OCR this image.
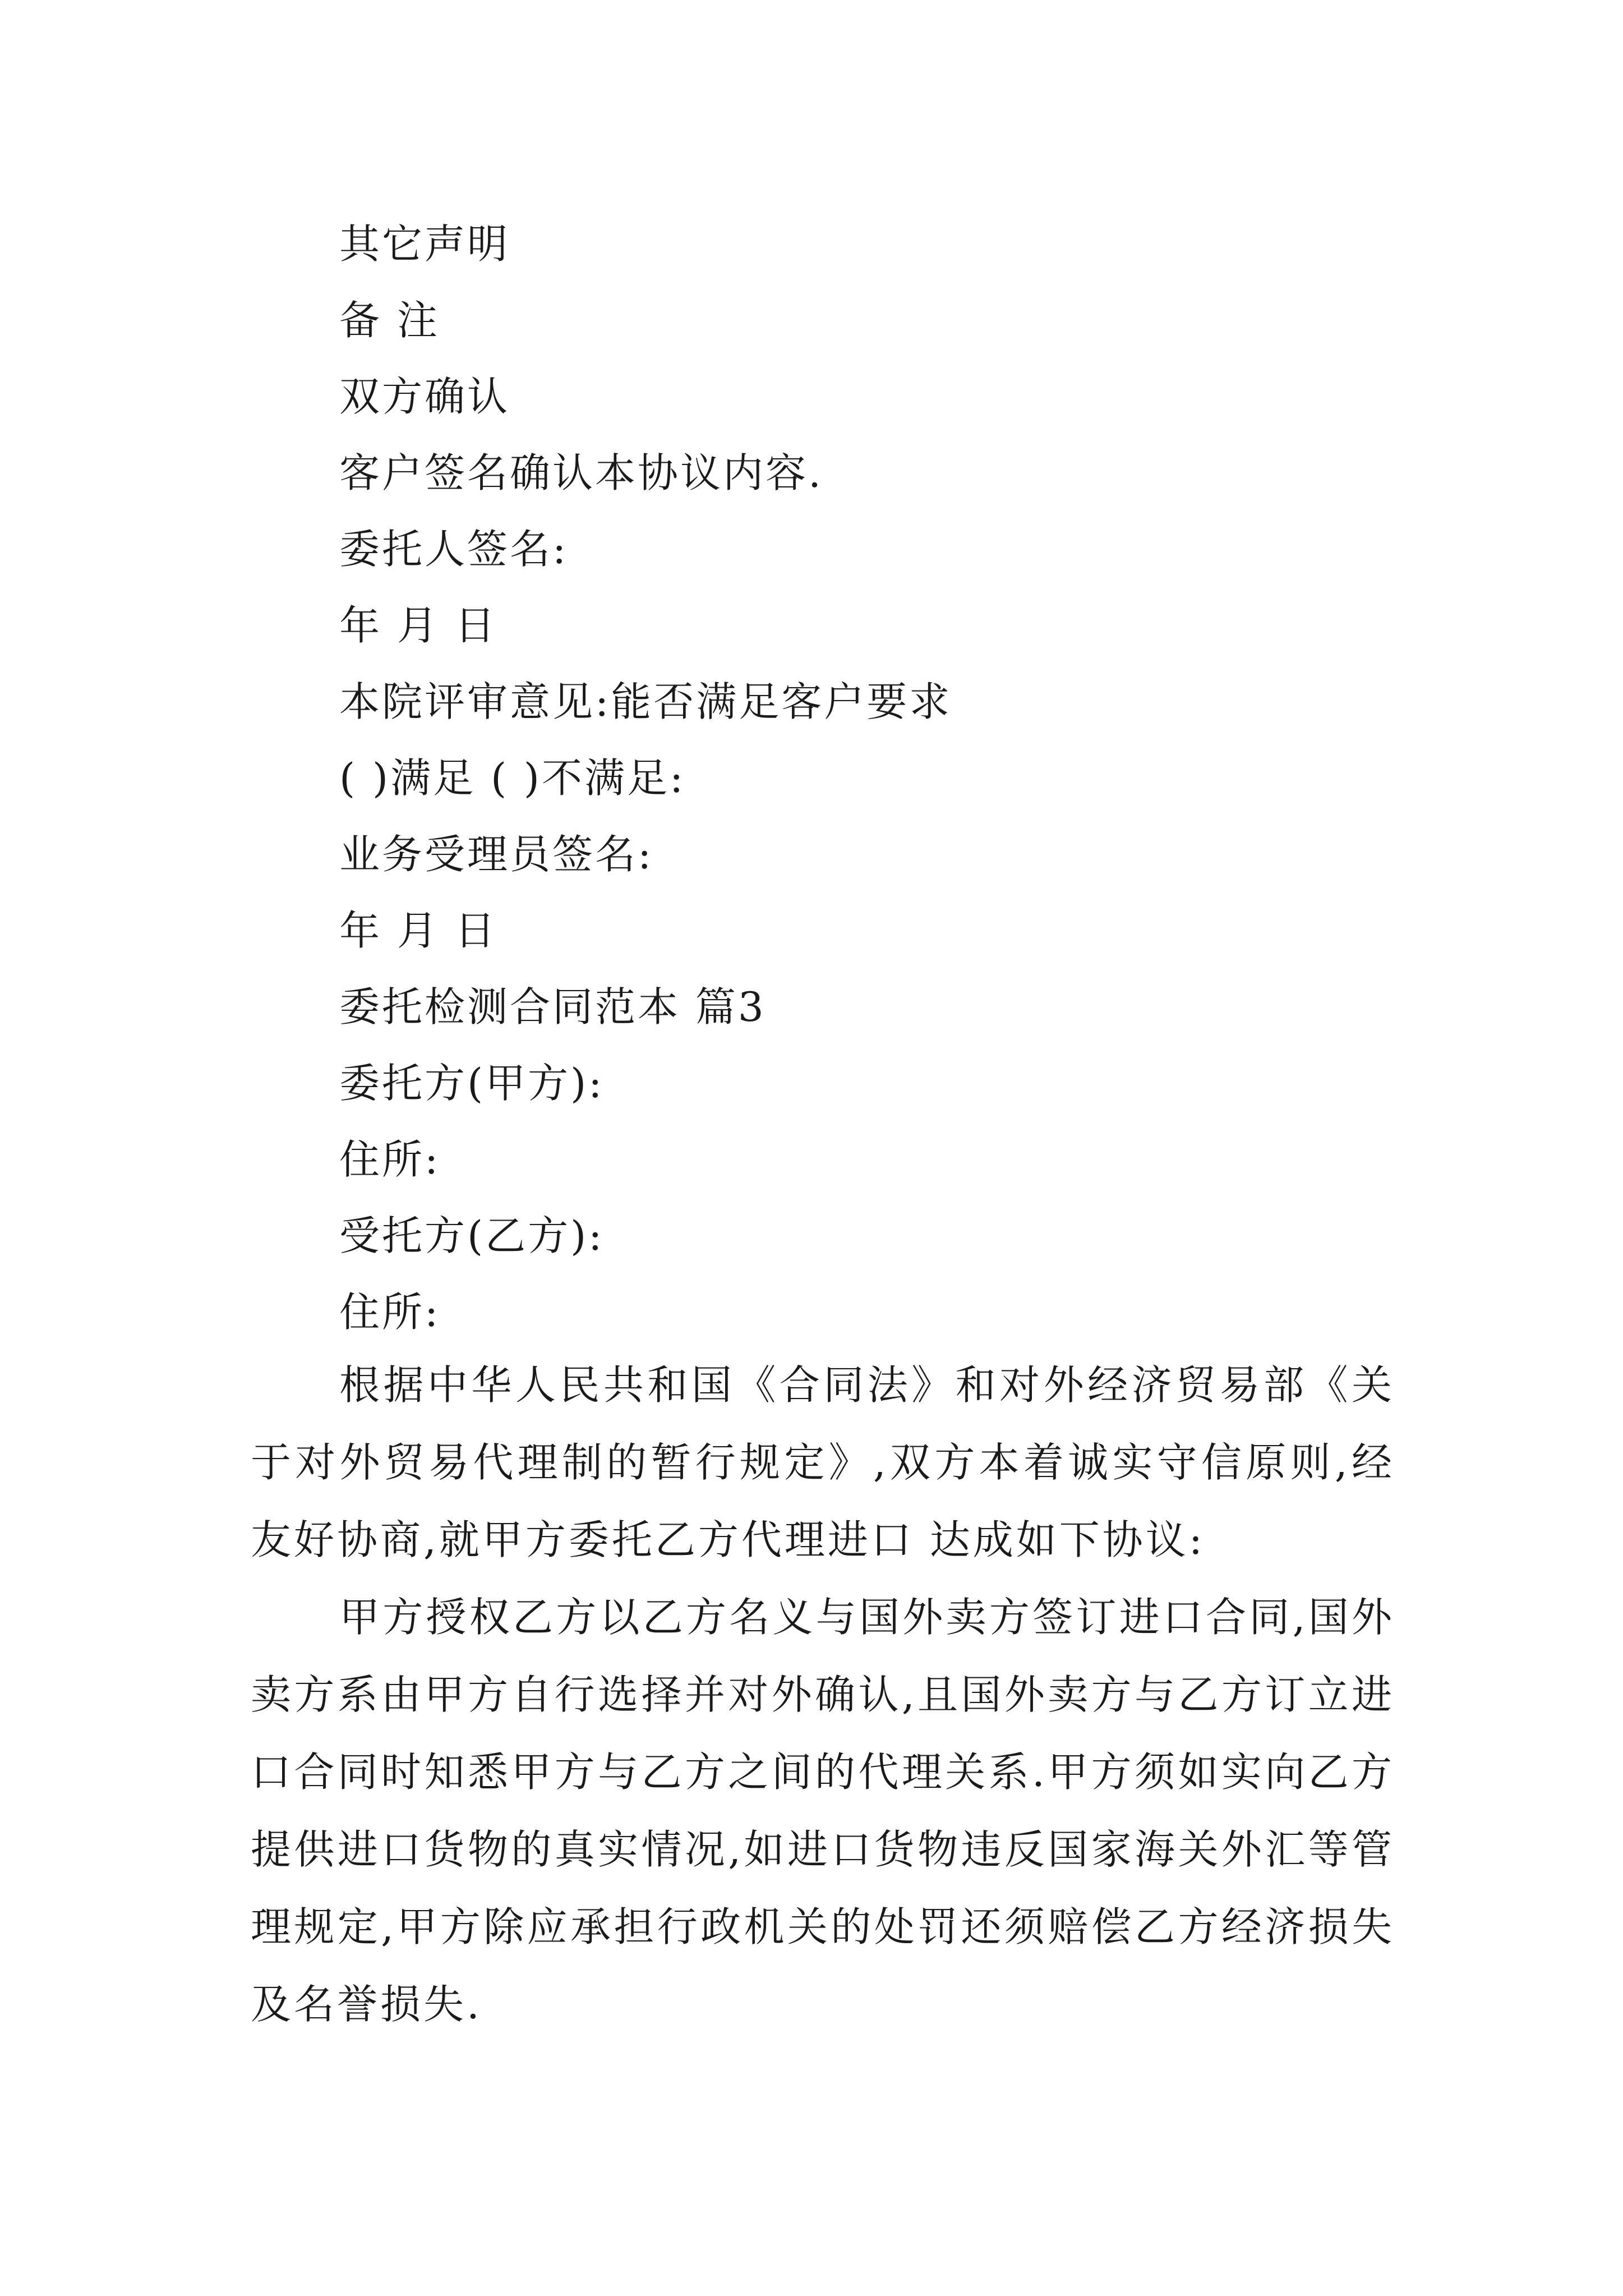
其它声明
备 注
双方确认
客户签名确认本协议内容.
委托人签名:
年 月 日
本院评审意见:能否满足客户要求
( )满足 ( )不满足:
业务受理员签名:
年 月 日
委托检测合同范本 篇3
委托方(甲方):
住所:
受托方(乙方):
住所:

根据中华人民共和国《合同法》和对外经济贸易部《关于对外贸易代理制的暂行规定》,双方本着诚实守信原则,经友好协商,就甲方委托乙方代理进口 达成如下协议:

甲方授权乙方以乙方名义与国外卖方签订进口合同,国外卖方系由甲方自行选择并对外确认,且国外卖方与乙方订立进口合同时知悉甲方与乙方之间的代理关系.甲方须如实向乙方提供进口货物的真实情况,如进口货物违反国家海关外汇等管理规定,甲方除应承担行政机关的处罚还须赔偿乙方经济损失及名誉损失.
